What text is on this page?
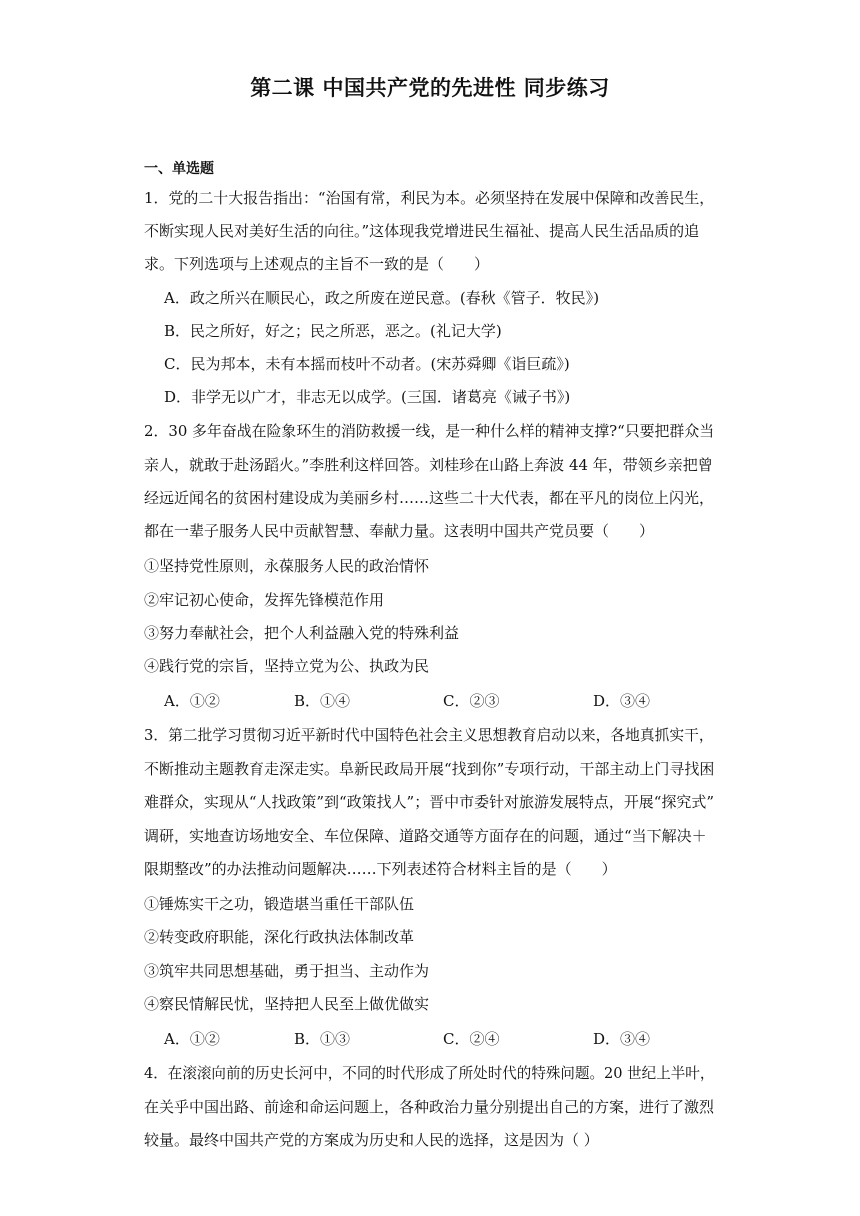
第二课 中国共产党的先进性 同步练习
一、单选题
1．党的二十大报告指出：“治国有常，利民为本。必须坚持在发展中保障和改善民生，
不断实现人民对美好生活的向往。”这体现我党增进民生福祉、提高人民生活品质的追
求。下列选项与上述观点的主旨不一致的是（　　）
A．政之所兴在顺民心，政之所废在逆民意。(春秋《管子．牧民》)
B．民之所好，好之；民之所恶，恶之。(礼记大学)
C．民为邦本，未有本摇而枝叶不动者。(宋苏舜卿《诣巨疏》)
D．非学无以广才，非志无以成学。(三国．诸葛亮《诫子书》)
2．30 多年奋战在险象环生的消防救援一线，是一种什么样的精神支撑?“只要把群众当
亲人，就敢于赴汤蹈火。”李胜利这样回答。刘桂珍在山路上奔波 44 年，带领乡亲把曾
经远近闻名的贫困村建设成为美丽乡村……这些二十大代表，都在平凡的岗位上闪光，
都在一辈子服务人民中贡献智慧、奉献力量。这表明中国共产党员要（　　）
①坚持党性原则，永葆服务人民的政治情怀
②牢记初心使命，发挥先锋模范作用
③努力奉献社会，把个人利益融入党的特殊利益
④践行党的宗旨，坚持立党为公、执政为民
A．①②	B．①④	C．②③	D．③④
3．第二批学习贯彻习近平新时代中国特色社会主义思想教育启动以来，各地真抓实干，
不断推动主题教育走深走实。阜新民政局开展“找到你”专项行动，干部主动上门寻找困
难群众，实现从“人找政策”到“政策找人”；晋中市委针对旅游发展特点，开展“探究式”
调研，实地查访场地安全、车位保障、道路交通等方面存在的问题，通过“当下解决＋
限期整改”的办法推动问题解决……下列表述符合材料主旨的是（　　）
①锤炼实干之功，锻造堪当重任干部队伍
②转变政府职能，深化行政执法体制改革
③筑牢共同思想基础，勇于担当、主动作为
④察民情解民忧，坚持把人民至上做优做实
A．①②	B．①③	C．②④	D．③④
4．在滚滚向前的历史长河中，不同的时代形成了所处时代的特殊问题。20 世纪上半叶，
在关乎中国出路、前途和命运问题上，各种政治力量分别提出自己的方案，进行了激烈
较量。最终中国共产党的方案成为历史和人民的选择，这是因为（ ）
